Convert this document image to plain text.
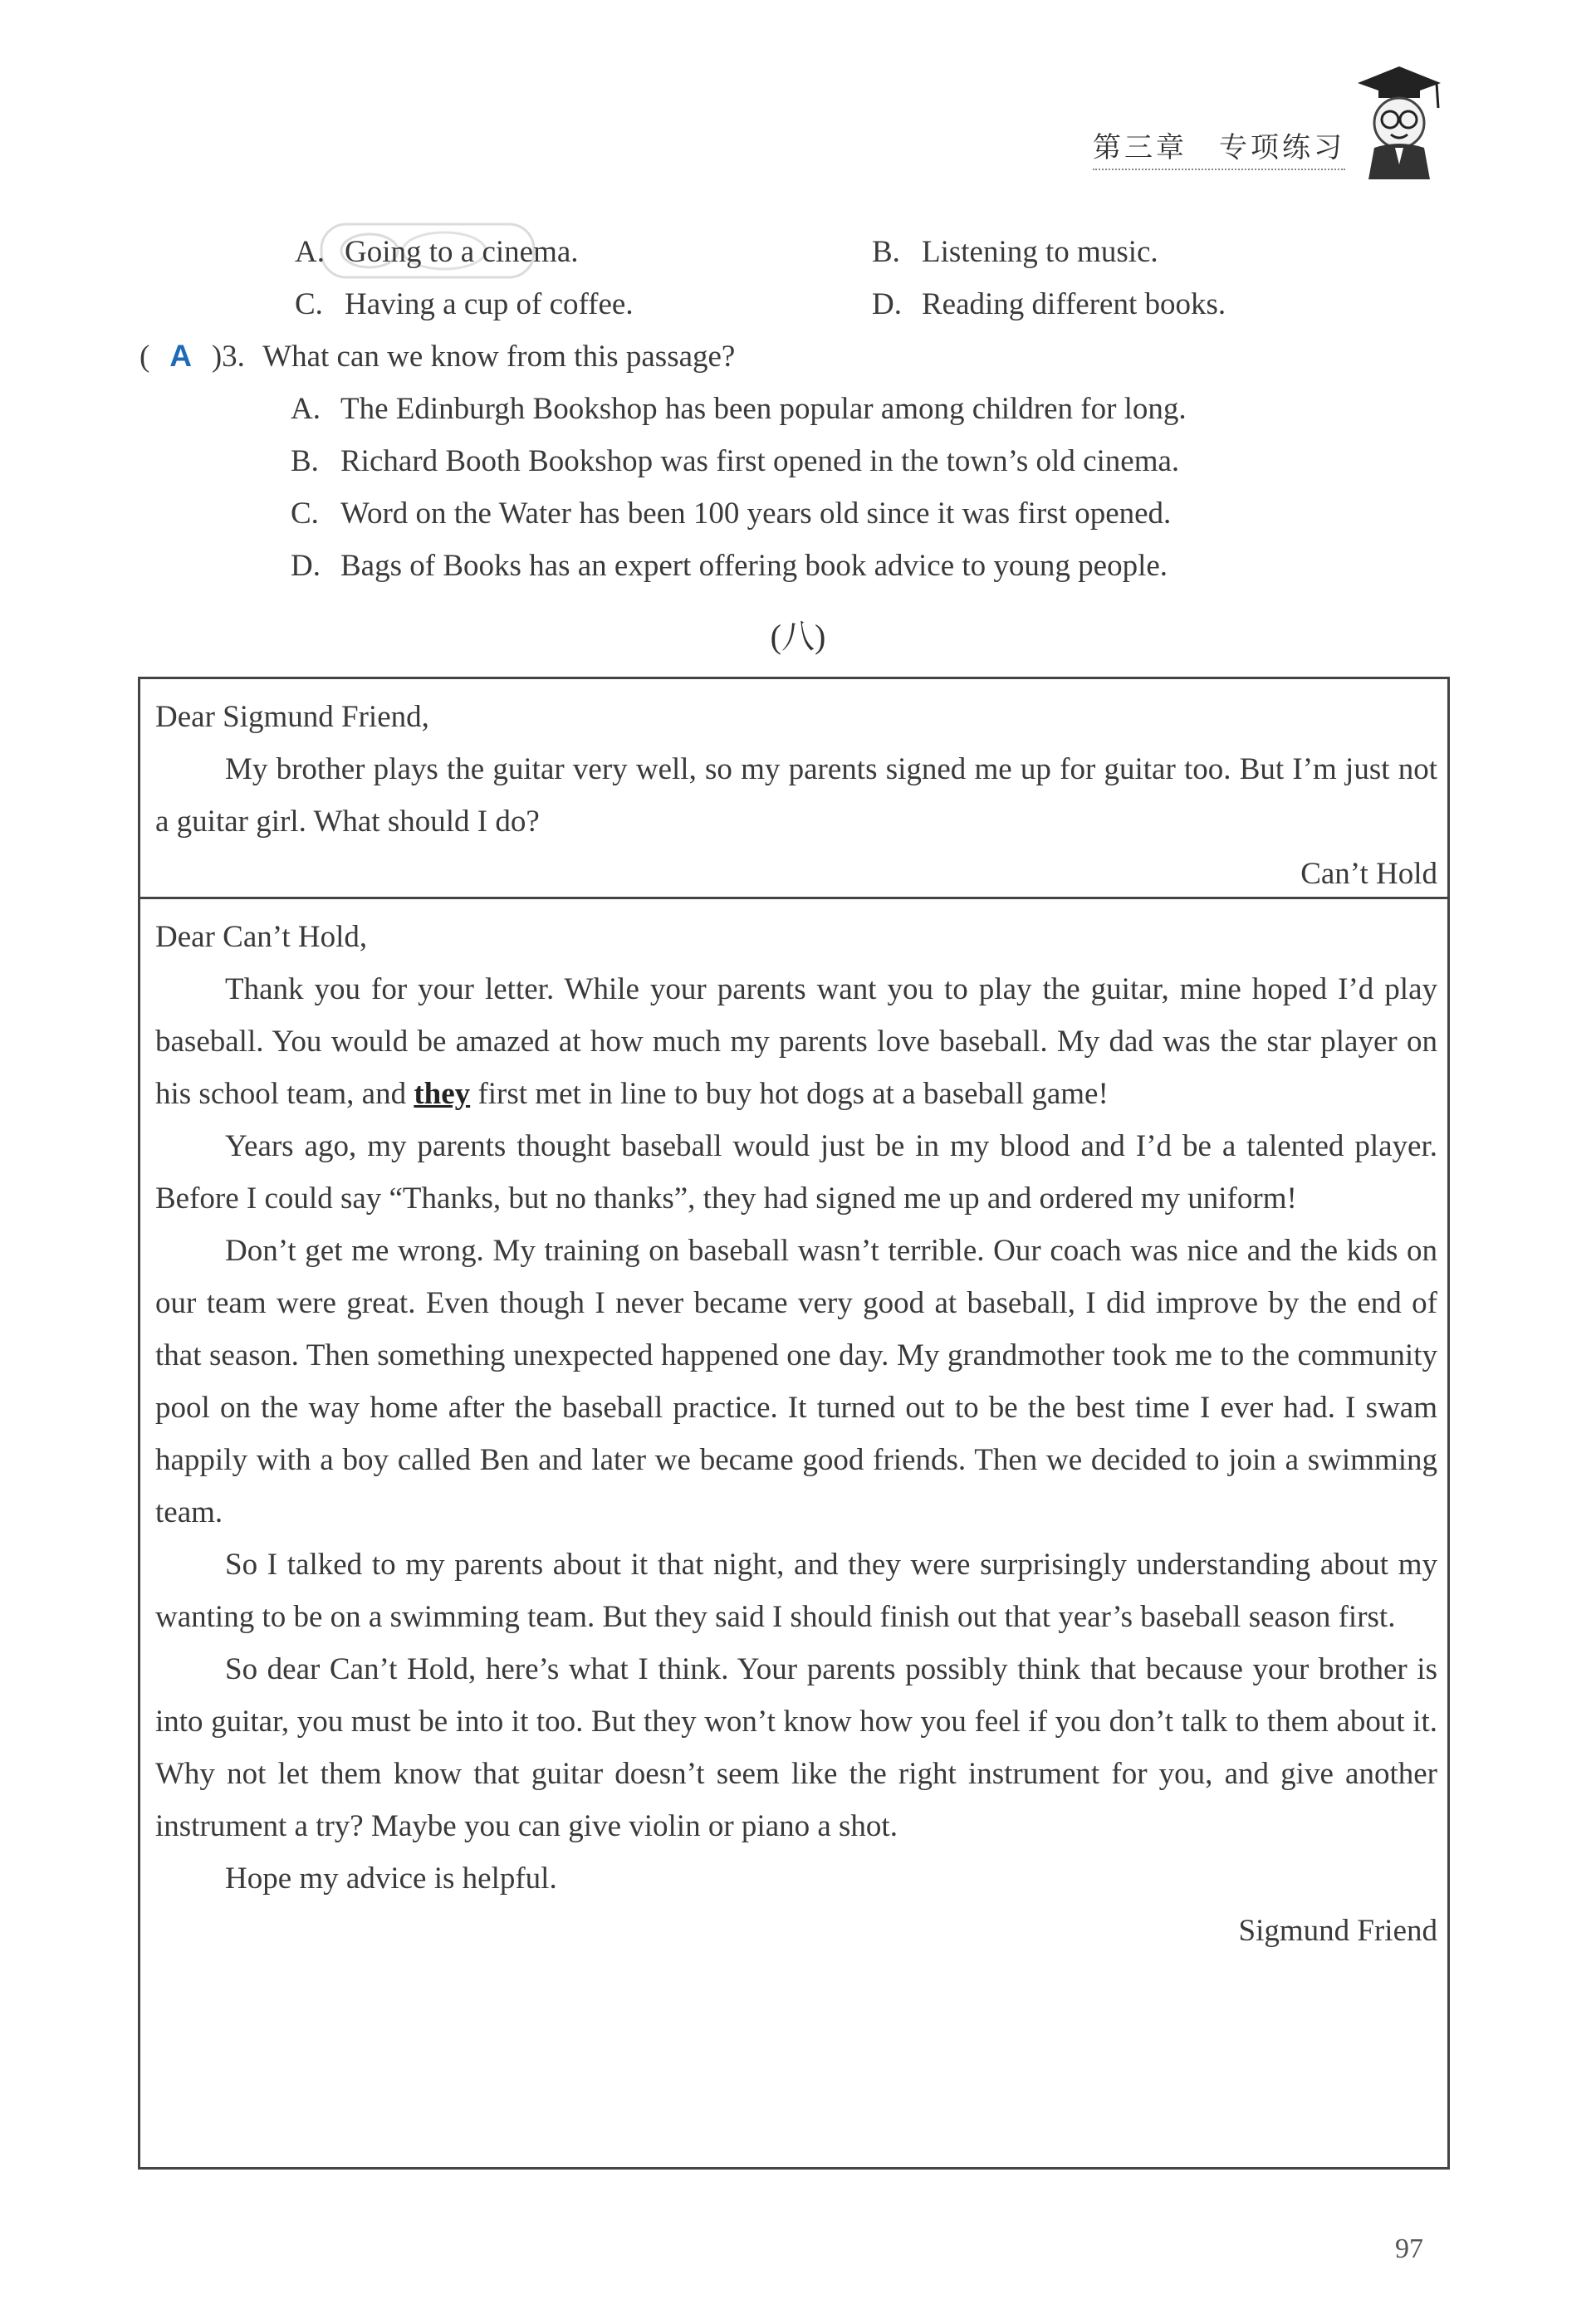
第三章　专项练习
A. Going to a cinema.	B. Listening to music.
C. Having a cup of coffee.	D. Reading different books.
( A )3. What can we know from this passage?
A. The Edinburgh Bookshop has been popular among children for long.
B. Richard Booth Bookshop was first opened in the town’s old cinema.
C. Word on the Water has been 100 years old since it was first opened.
D. Bags of Books has an expert offering book advice to young people.
(八)

Dear Sigmund Friend,

My brother plays the guitar very well, so my parents signed me up for guitar too. But I’m just not a guitar girl. What should I do?

Can’t Hold

Dear Can’t Hold,

Thank you for your letter. While your parents want you to play the guitar, mine hoped I’d play baseball. You would be amazed at how much my parents love baseball. My dad was the star player on his school team, and they first met in line to buy hot dogs at a baseball game!

Years ago, my parents thought baseball would just be in my blood and I’d be a talented player. Before I could say “Thanks, but no thanks”, they had signed me up and ordered my uniform!

Don’t get me wrong. My training on baseball wasn’t terrible. Our coach was nice and the kids on our team were great. Even though I never became very good at baseball, I did improve by the end of that season. Then something unexpected happened one day. My grandmother took me to the community pool on the way home after the baseball practice. It turned out to be the best time I ever had. I swam happily with a boy called Ben and later we became good friends. Then we decided to join a swimming team.

So I talked to my parents about it that night, and they were surprisingly understanding about my wanting to be on a swimming team. But they said I should finish out that year’s baseball season first.

So dear Can’t Hold, here’s what I think. Your parents possibly think that because your brother is into guitar, you must be into it too. But they won’t know how you feel if you don’t talk to them about it. Why not let them know that guitar doesn’t seem like the right instrument for you, and give another instrument a try? Maybe you can give violin or piano a shot.

Hope my advice is helpful.

Sigmund Friend

97
